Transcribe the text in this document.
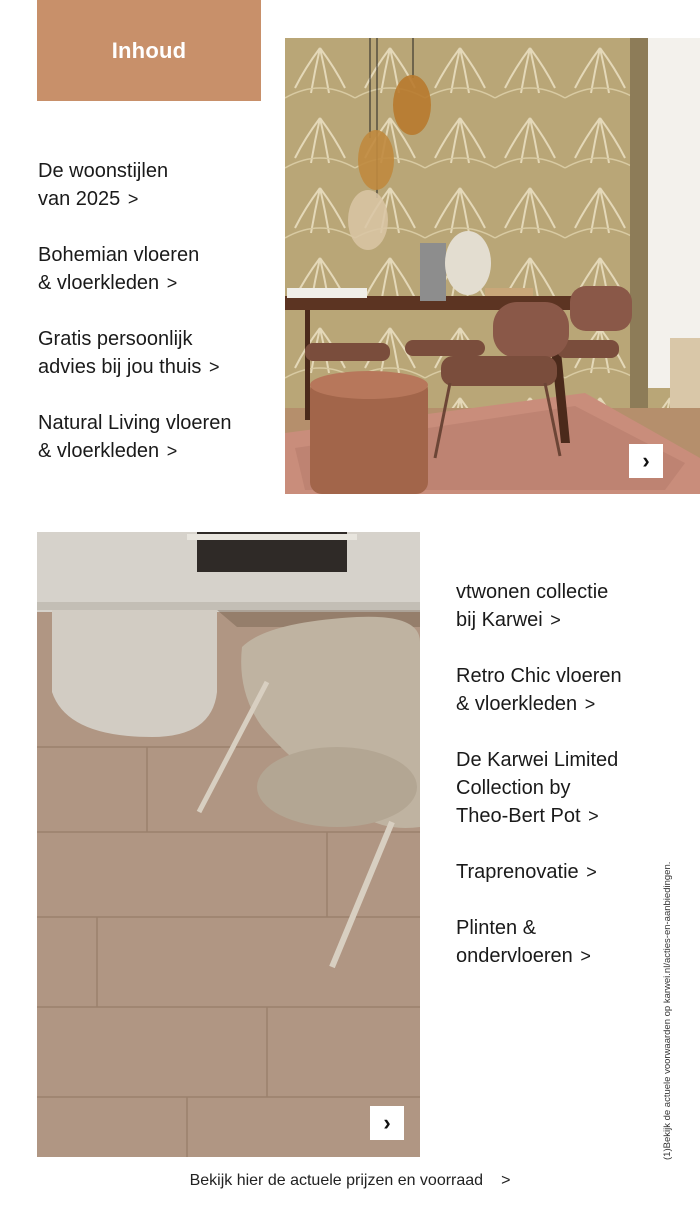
Inhoud
De woonstijlen
van 2025 >
Bohemian vloeren
& vloerkleden >
Gratis persoonlijk
advies bij jou thuis >
Natural Living vloeren
& vloerkleden >	›
›
vtwonen collectie
bij Karwei >
Retro Chic vloeren
& vloerkleden >
De Karwei Limited
Collection by
Theo-Bert Pot >
Traprenovatie >
Plinten &
ondervloeren >	(1)Bekijk de actuele voorwaarden op karwei.nl/acties-en-aanbiedingen.
Bekijk hier de actuele prijzen en voorraad >
